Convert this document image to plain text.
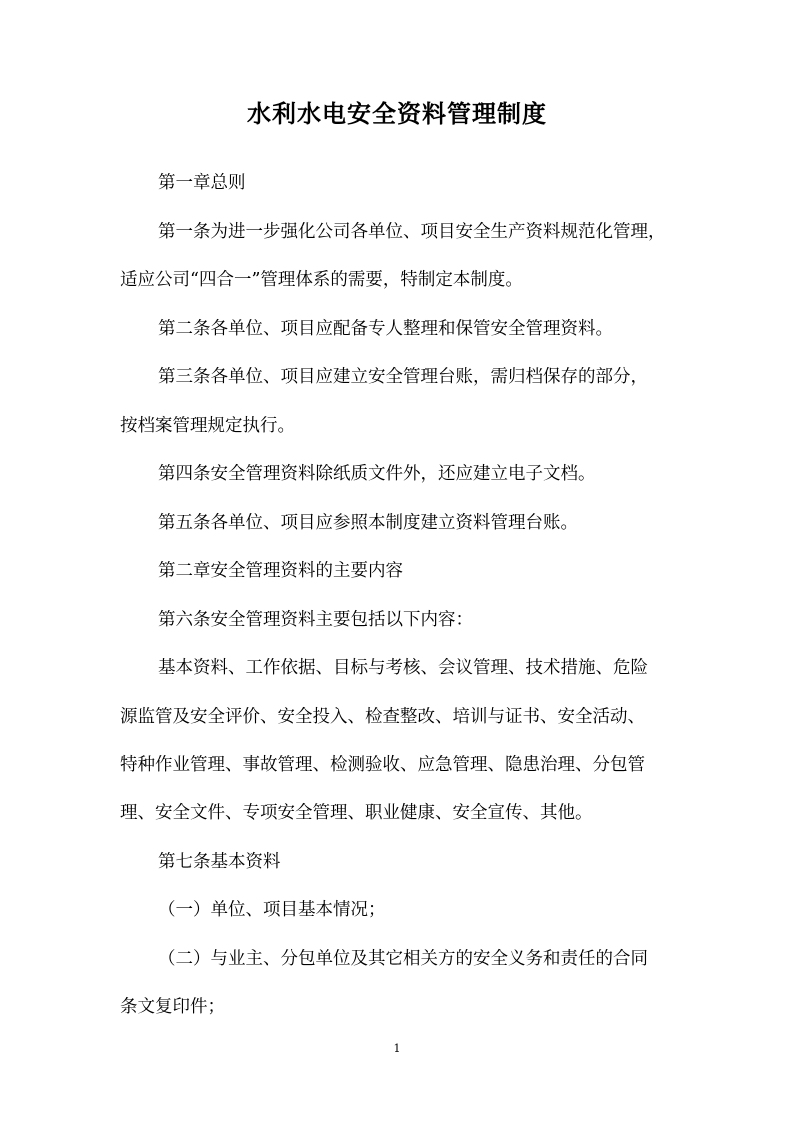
水利水电安全资料管理制度
第一章总则
第一条为进一步强化公司各单位、项目安全生产资料规范化管理，
适应公司“四合一”管理体系的需要，特制定本制度。
第二条各单位、项目应配备专人整理和保管安全管理资料。
第三条各单位、项目应建立安全管理台账，需归档保存的部分，
按档案管理规定执行。
第四条安全管理资料除纸质文件外，还应建立电子文档。
第五条各单位、项目应参照本制度建立资料管理台账。
第二章安全管理资料的主要内容
第六条安全管理资料主要包括以下内容：
基本资料、工作依据、目标与考核、会议管理、技术措施、危险
源监管及安全评价、安全投入、检查整改、培训与证书、安全活动、
特种作业管理、事故管理、检测验收、应急管理、隐患治理、分包管
理、安全文件、专项安全管理、职业健康、安全宣传、其他。
第七条基本资料
（一）单位、项目基本情况；
（二）与业主、分包单位及其它相关方的安全义务和责任的合同
条文复印件；
1
